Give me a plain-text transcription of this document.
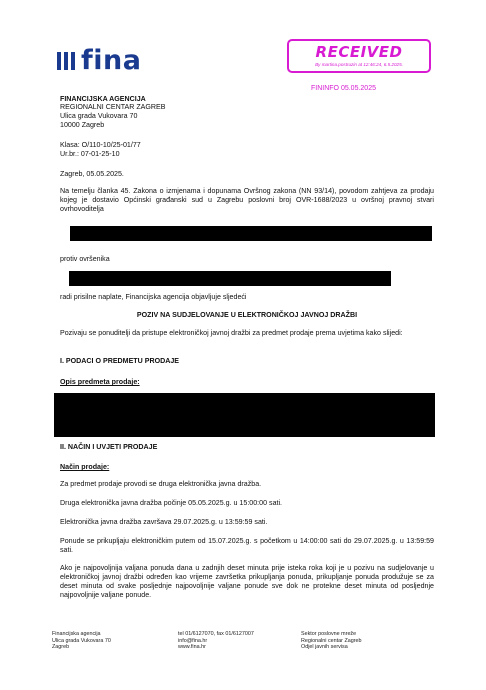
fina	RECEIVED
By martina.postruzin at 12:46:24, 6.5.2025.
FININFO 05.05.2025
FINANCIJSKA AGENCIJA
REGIONALNI CENTAR ZAGREB
Ulica grada Vukovara 70
10000 Zagreb
Klasa: O/110-10/25-01/77
Ur.br.: 07-01-25-10
Zagreb, 05.05.2025.
Na temelju članka 45. Zakona o izmjenama i dopunama Ovršnog zakona (NN 93/14), povodom zahtjeva za prodaju kojeg je dostavio Općinski građanski sud u Zagrebu poslovni broj OVR-1688/2023 u ovršnoj pravnoj stvari ovrhovoditelja
protiv ovršenika
radi prisilne naplate, Financijska agencija objavljuje sljedeći
POZIV NA SUDJELOVANJE U ELEKTRONIČKOJ JAVNOJ DRAŽBI
Pozivaju se ponuditelji da pristupe elektroničkoj javnoj dražbi za predmet prodaje prema uvjetima kako slijedi:
I. PODACI O PREDMETU PRODAJE
Opis predmeta prodaje:
II. NAČIN I UVJETI PRODAJE
Način prodaje:
Za predmet prodaje provodi se druga elektronička javna dražba.
Druga elektronička javna dražba počinje 05.05.2025.g. u 15:00:00 sati.
Elektronička javna dražba završava 29.07.2025.g. u 13:59:59 sati.
Ponude se prikupljaju elektroničkim putem od 15.07.2025.g. s početkom u 14:00:00 sati do 29.07.2025.g. u 13:59:59 sati.
Ako je najpovoljnija valjana ponuda dana u zadnjih deset minuta prije isteka roka koji je u pozivu na sudjelovanje u elektroničkoj javnoj dražbi određen kao vrijeme završetka prikupljanja ponuda, prikupljanje ponuda produžuje se za deset minuta od svake posljednje najpovoljnije valjane ponude sve dok ne protekne deset minuta od posljednje najpovoljnije valjane ponude.
Financijska agencija
Ulica grada Vukovara 70
Zagreb
tel 01/6127070, fax 01/6127007
info@fina.hr
www.fina.hr
Sektor poslovne mreže
Regionalni centar Zagreb
Odjel javnih servisa
